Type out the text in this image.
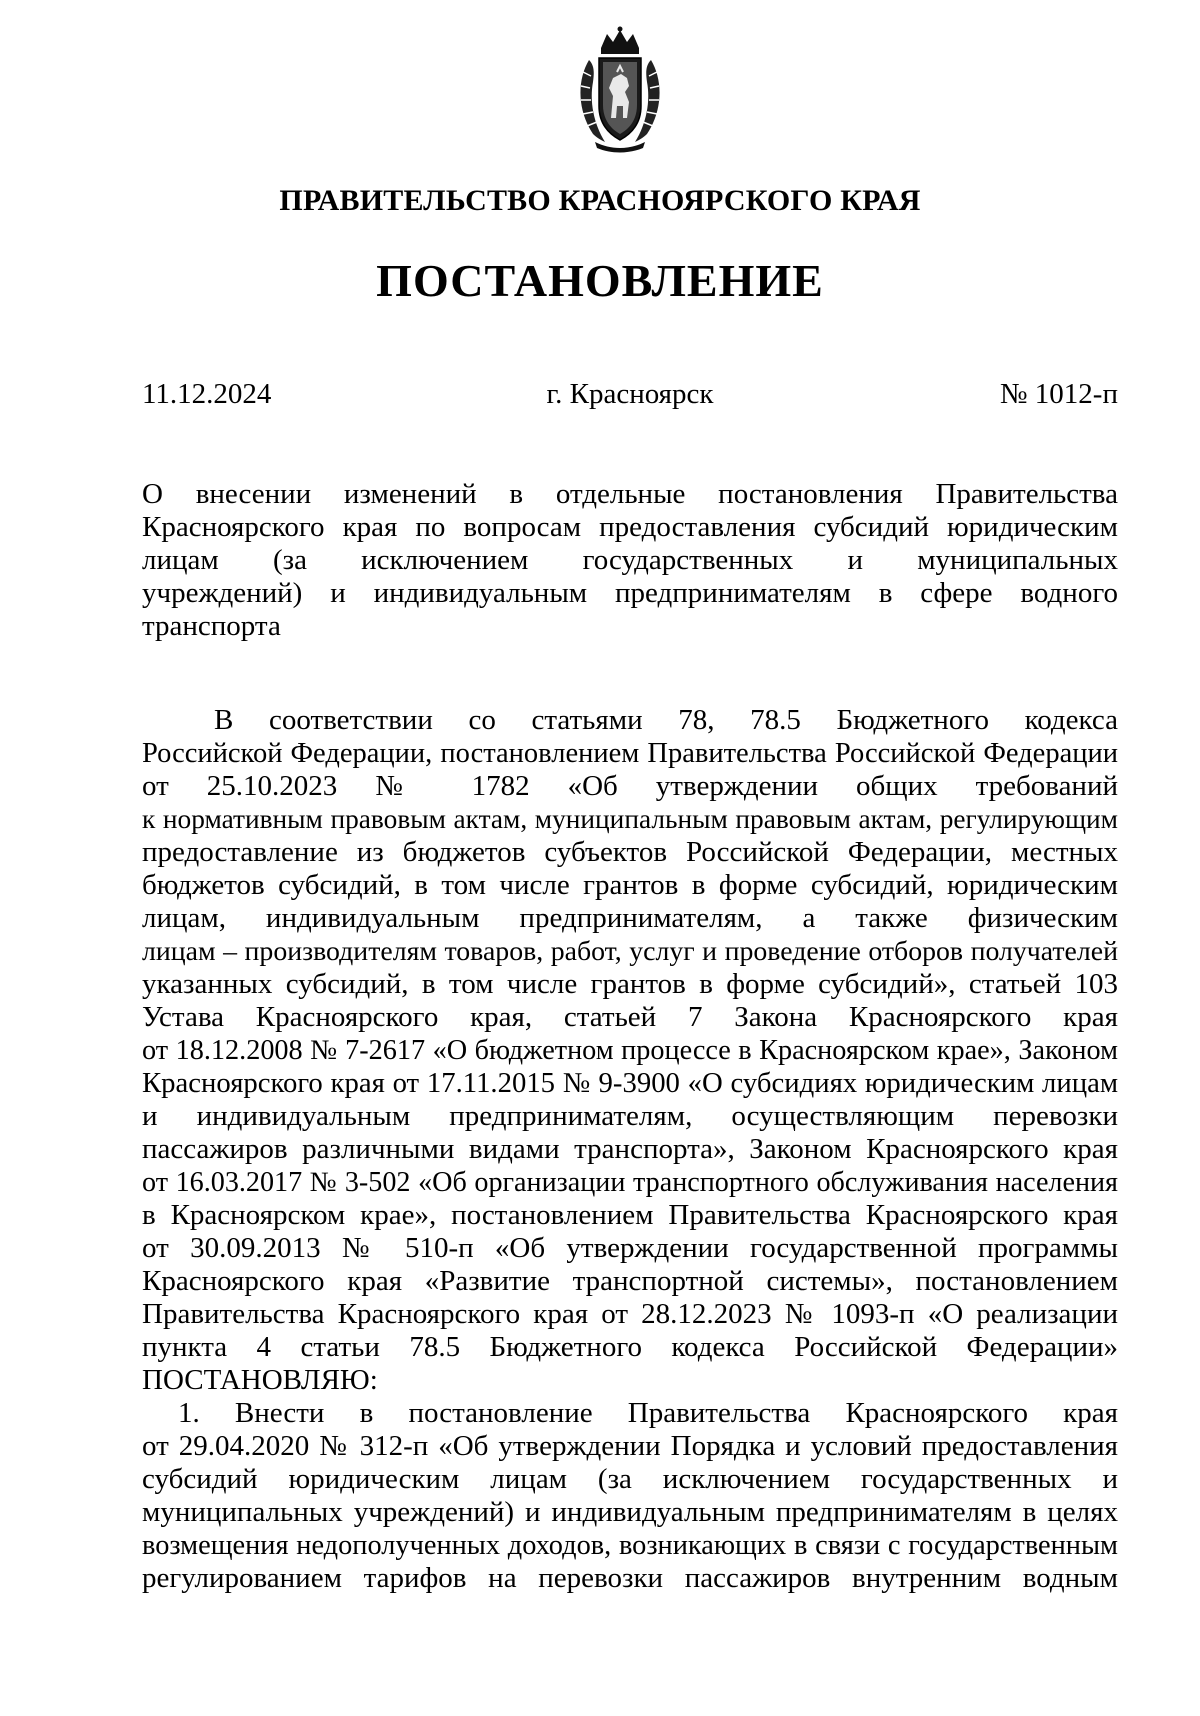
ПРАВИТЕЛЬСТВО КРАСНОЯРСКОГО КРАЯ
ПОСТАНОВЛЕНИЕ
11.12.2024	г. Красноярск	№ 1012-п
О внесении изменений в отдельные постановления Правительства
Красноярского края по вопросам предоставления субсидий юридическим
лицам (за исключением государственных и муниципальных
учреждений) и индивидуальным предпринимателям в сфере водного
транспорта
В соответствии со статьями 78, 78.5 Бюджетного кодекса
Российской Федерации, постановлением Правительства Российской Федерации
от 25.10.2023 № 1782 «Об утверждении общих требований
к нормативным правовым актам, муниципальным правовым актам, регулирующим
предоставление из бюджетов субъектов Российской Федерации, местных
бюджетов субсидий, в том числе грантов в форме субсидий, юридическим
лицам, индивидуальным предпринимателям, а также физическим
лицам – производителям товаров, работ, услуг и проведение отборов получателей
указанных субсидий, в том числе грантов в форме субсидий», статьей 103
Устава Красноярского края, статьей 7 Закона Красноярского края
от 18.12.2008 № 7-2617 «О бюджетном процессе в Красноярском крае», Законом
Красноярского края от 17.11.2015 № 9-3900 «О субсидиях юридическим лицам
и индивидуальным предпринимателям, осуществляющим перевозки
пассажиров различными видами транспорта», Законом Красноярского края
от 16.03.2017 № 3-502 «Об организации транспортного обслуживания населения
в Красноярском крае», постановлением Правительства Красноярского края
от 30.09.2013 № 510-п «Об утверждении государственной программы
Красноярского края «Развитие транспортной системы», постановлением
Правительства Красноярского края от 28.12.2023 № 1093-п «О реализации
пункта 4 статьи 78.5 Бюджетного кодекса Российской Федерации»
ПОСТАНОВЛЯЮ:
1. Внести в постановление Правительства Красноярского края
от 29.04.2020 № 312-п «Об утверждении Порядка и условий предоставления
субсидий юридическим лицам (за исключением государственных и
муниципальных учреждений) и индивидуальным предпринимателям в целях
возмещения недополученных доходов, возникающих в связи с государственным
регулированием тарифов на перевозки пассажиров внутренним водным
